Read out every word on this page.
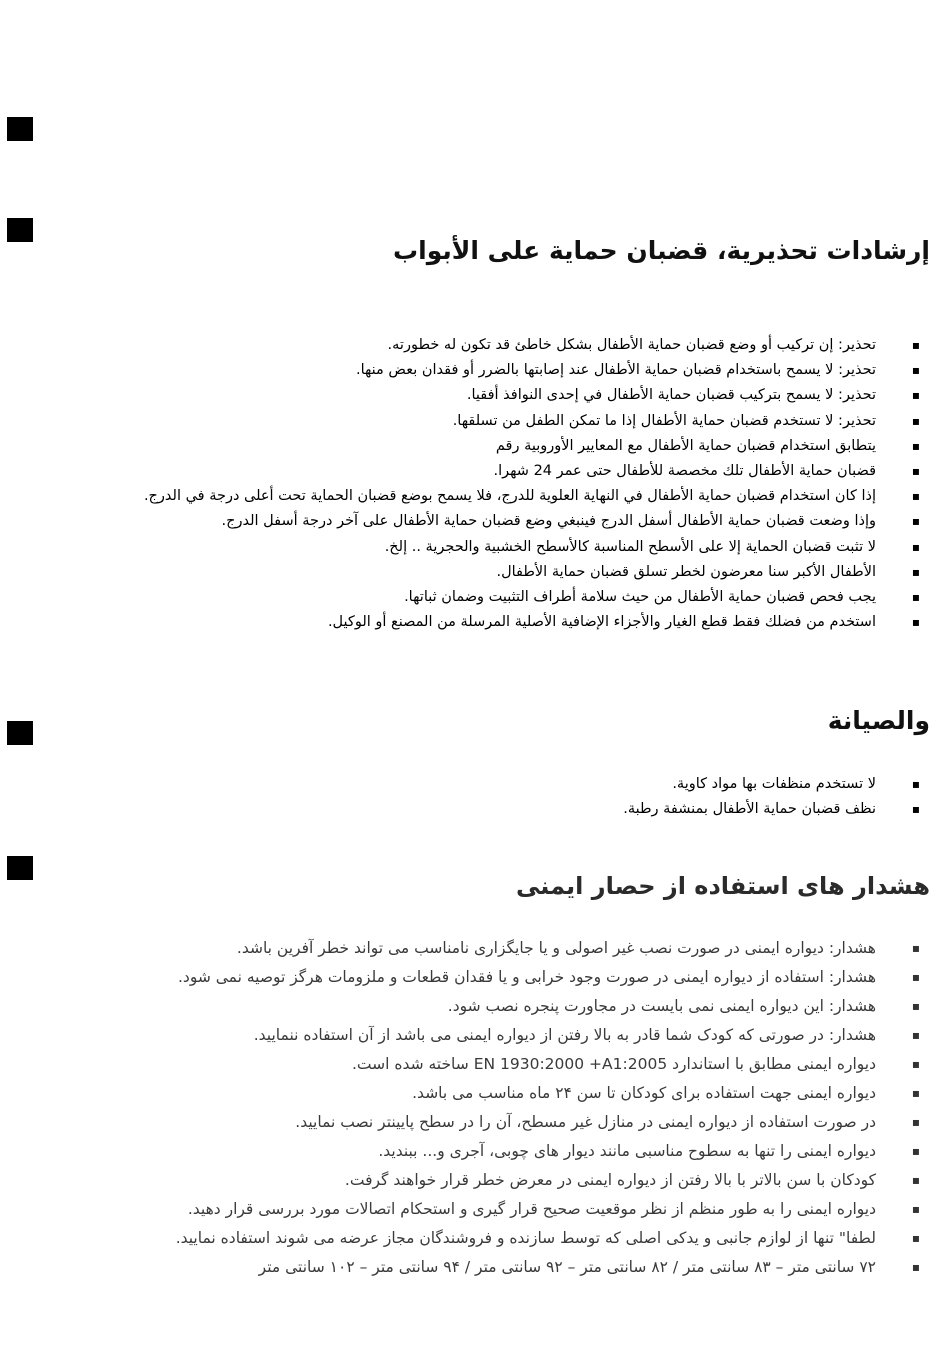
إرشادات تحذيرية، قضبان حماية على الأبواب
▪ تحذير: إن تركيب أو وضع قضبان حماية الأطفال بشكل خاطئ قد تكون له خطورته.
▪ تحذير: لا يسمح باستخدام قضبان حماية الأطفال عند إصابتها بالضرر أو فقدان بعض منها.
▪ تحذير: لا يسمح بتركيب قضبان حماية الأطفال في إحدى النوافذ أفقيا.
▪ تحذير: لا تستخدم قضبان حماية الأطفال إذا ما تمكن الطفل من تسلقها.
▪ يتطابق استخدام قضبان حماية الأطفال مع المعايير الأوروبية رقم
▪ قضبان حماية الأطفال تلك مخصصة للأطفال حتى عمر 24 شهرا.
▪ إذا كان استخدام قضبان حماية الأطفال في النهاية العلوية للدرج، فلا يسمح بوضع قضبان الحماية تحت أعلى درجة في الدرج.
▪ وإذا وضعت قضبان حماية الأطفال أسفل الدرج فينبغي وضع قضبان حماية الأطفال على آخر درجة أسفل الدرج.
▪ لا تثبت قضبان الحماية إلا على الأسطح المناسبة كالأسطح الخشبية والحجرية .. إلخ.
▪ الأطفال الأكبر سنا معرضون لخطر تسلق قضبان حماية الأطفال.
▪ يجب فحص قضبان حماية الأطفال من حيث سلامة أطراف التثبيت وضمان ثباتها.
▪ استخدم من فضلك فقط قطع الغيار والأجزاء الإضافية الأصلية المرسلة من المصنع أو الوكيل.
والصيانة
▪ لا تستخدم منظفات بها مواد كاوية.
▪ نظف قضبان حماية الأطفال بمنشفة رطبة.
هشدار های استفاده از حصار ایمنی
▪ هشدار: دیواره ایمنی در صورت نصب غیر اصولی و یا جایگزاری نامناسب می تواند خطر آفرین باشد.
▪ هشدار: استفاده از دیواره ایمنی در صورت وجود خرابی و یا فقدان قطعات و ملزومات هرگز توصیه نمی شود.
▪ هشدار: این دیواره ایمنی نمی بایست در مجاورت پنجره نصب شود.
▪ هشدار: در صورتی که کودک شما قادر به بالا رفتن از دیواره ایمنی می باشد از آن استفاده ننمایید.
▪ دیواره ایمنی مطابق با استاندارد EN 1930:2000 +A1:2005 ساخته شده است.
▪ دیواره ایمنی جهت استفاده برای کودکان تا سن ۲۴ ماه مناسب می باشد.
▪ در صورت استفاده از دیواره ایمنی در منازل غیر مسطح، آن را در سطح پایینتر نصب نمایید.
▪ دیواره ایمنی را تنها به سطوح مناسبی مانند دیوار های چوبی، آجری و... ببندید.
▪ کودکان با سن بالاتر با بالا رفتن از دیواره ایمنی در معرض خطر قرار خواهند گرفت.
▪ دیواره ایمنی را به طور منظم از نظر موقعیت صحیح قرار گیری و استحکام اتصالات مورد بررسی قرار دهید.
▪ لطفا" تنها از لوازم جانبی و یدکی اصلی که توسط سازنده و فروشندگان مجاز عرضه می شوند استفاده نمایید.
▪ ۷۲ سانتی متر – ۸۳ سانتی متر / ۸۲ سانتی متر – ۹۲ سانتی متر / ۹۴ سانتی متر – ۱۰۲ سانتی متر
